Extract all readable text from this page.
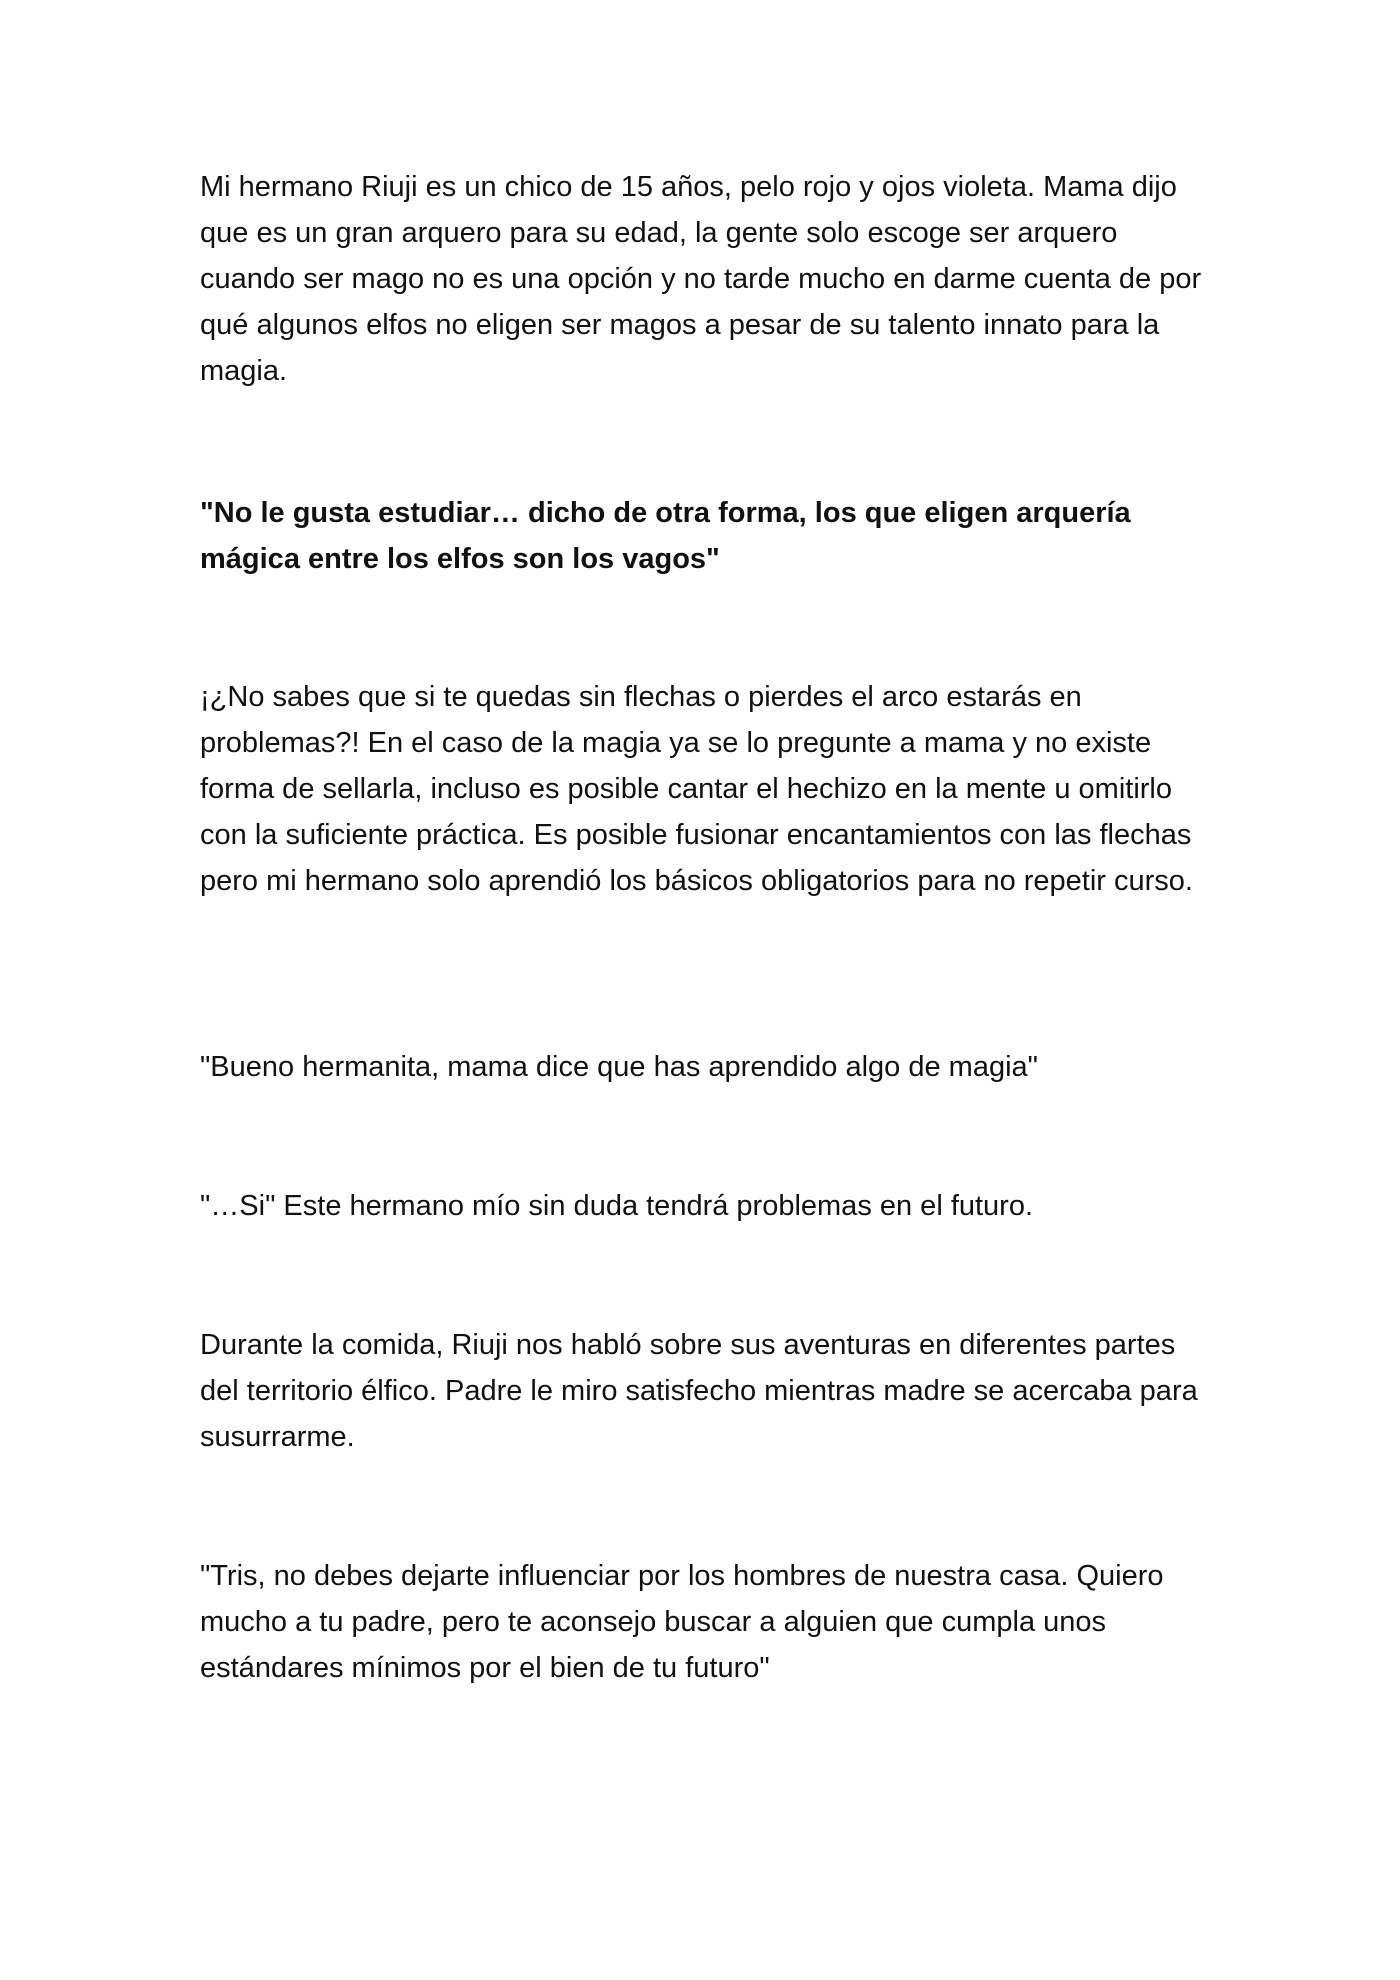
Mi hermano Riuji es un chico de 15 años, pelo rojo y ojos violeta. Mama dijo que es un gran arquero para su edad, la gente solo escoge ser arquero cuando ser mago no es una opción y no tarde mucho en darme cuenta de por qué algunos elfos no eligen ser magos a pesar de su talento innato para la magia.

"No le gusta estudiar… dicho de otra forma, los que eligen arquería mágica entre los elfos son los vagos"

¡¿No sabes que si te quedas sin flechas o pierdes el arco estarás en problemas?! En el caso de la magia ya se lo pregunte a mama y no existe forma de sellarla, incluso es posible cantar el hechizo en la mente u omitirlo con la suficiente práctica. Es posible fusionar encantamientos con las flechas pero mi hermano solo aprendió los básicos obligatorios para no repetir curso.

"Bueno hermanita, mama dice que has aprendido algo de magia"

"…Si" Este hermano mío sin duda tendrá problemas en el futuro.

Durante la comida, Riuji nos habló sobre sus aventuras en diferentes partes del territorio élfico. Padre le miro satisfecho mientras madre se acercaba para susurrarme.

"Tris, no debes dejarte influenciar por los hombres de nuestra casa. Quiero mucho a tu padre, pero te aconsejo buscar a alguien que cumpla unos estándares mínimos por el bien de tu futuro"
